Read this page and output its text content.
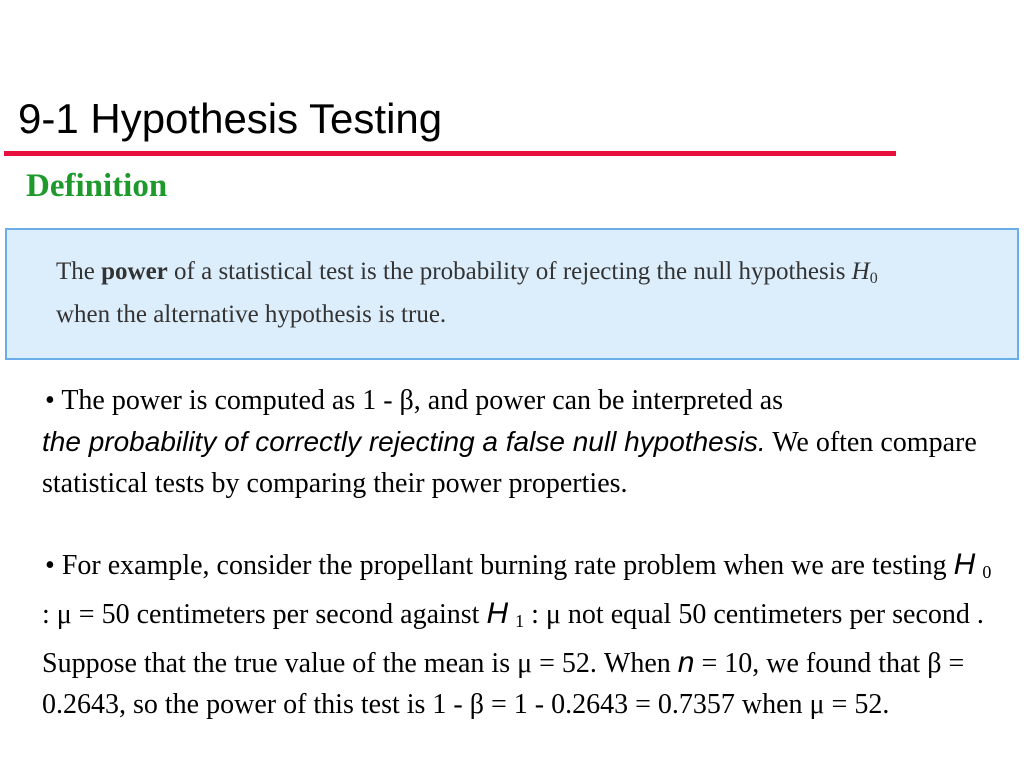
9-1 Hypothesis Testing
Definition
The power of a statistical test is the probability of rejecting the null hypothesis $H_0$
when the alternative hypothesis is true.
• The power is computed as 1 - β, and power can be interpreted as
the probability of correctly rejecting a false null hypothesis. We often compare statistical tests by comparing their power properties.
• For example, consider the propellant burning rate problem when we are testing H 0 : μ = 50 centimeters per second against H 1 : μ not equal 50 centimeters per second . Suppose that the true value of the mean is μ = 52. When n = 10, we found that β = 0.2643, so the power of this test is 1 - β = 1 - 0.2643 = 0.7357 when μ = 52.
